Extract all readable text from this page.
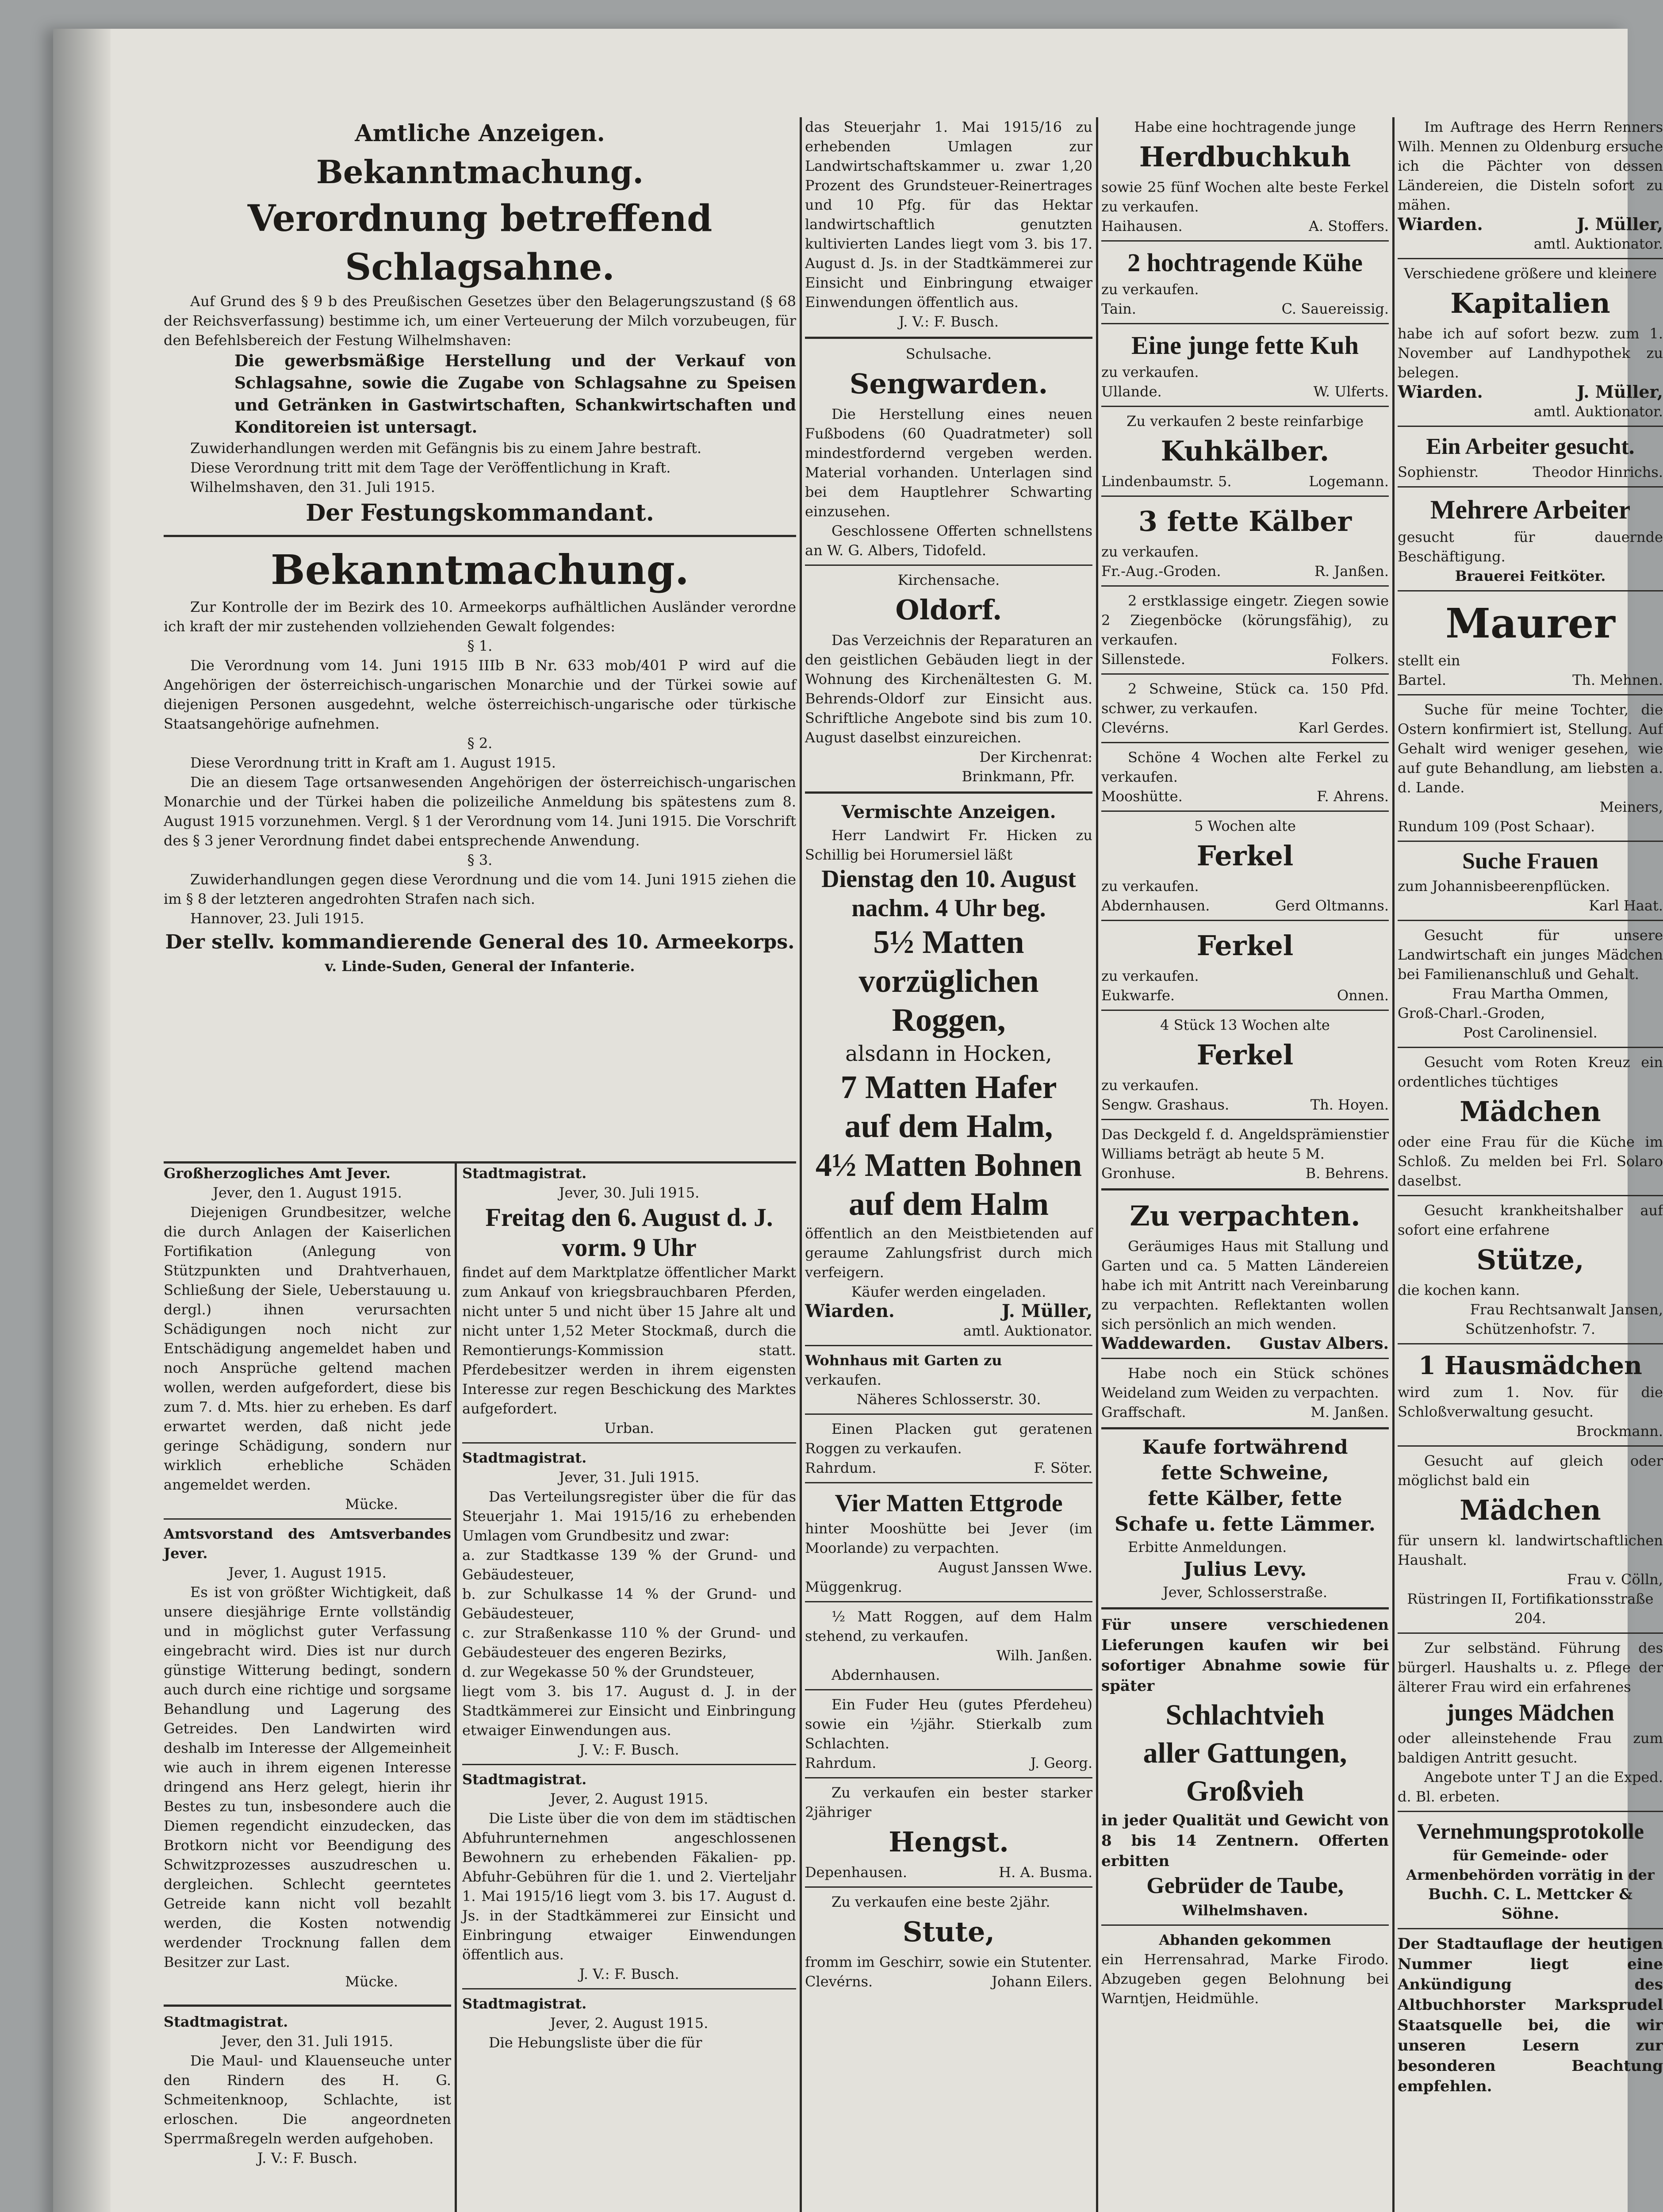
Amtliche Anzeigen.
Bekanntmachung.
Verordnung betreffend Schlagsahne.

Auf Grund des § 9 b des Preußischen Gesetzes über den Belagerungszustand (§ 68 der Reichsverfassung) bestimme ich, um einer Verteuerung der Milch vorzubeugen, für den Befehlsbereich der Festung Wilhelmshaven:

Die gewerbsmäßige Herstellung und der Verkauf von Schlagsahne, sowie die Zugabe von Schlagsahne zu Speisen und Getränken in Gastwirtschaften, Schankwirtschaften und Konditoreien ist untersagt.

Zuwiderhandlungen werden mit Gefängnis bis zu einem Jahre bestraft.

Diese Verordnung tritt mit dem Tage der Veröffentlichung in Kraft.

Wilhelmshaven, den 31. Juli 1915.

Der Festungskommandant.
Bekanntmachung.

Zur Kontrolle der im Bezirk des 10. Armeekorps aufhältlichen Ausländer verordne ich kraft der mir zustehenden vollziehenden Gewalt folgendes:

§ 1.

Die Verordnung vom 14. Juni 1915 IIIb B Nr. 633 mob/401 P wird auf die Angehörigen der österreichisch-ungarischen Monarchie und der Türkei sowie auf diejenigen Personen ausgedehnt, welche österreichisch-ungarische oder türkische Staatsangehörige aufnehmen.

§ 2.

Diese Verordnung tritt in Kraft am 1. August 1915.

Die an diesem Tage ortsanwesenden Angehörigen der österreichisch-ungarischen Monarchie und der Türkei haben die polizeiliche Anmeldung bis spätestens zum 8. August 1915 vorzunehmen. Vergl. § 1 der Verordnung vom 14. Juni 1915. Die Vorschrift des § 3 jener Verordnung findet dabei entsprechende Anwendung.

§ 3.

Zuwiderhandlungen gegen diese Verordnung und die vom 14. Juni 1915 ziehen die im § 8 der letzteren angedrohten Strafen nach sich.

Hannover, 23. Juli 1915.

Der stellv. kommandierende General des 10. Armeekorps.
v. Linde-Suden, General der Infanterie.
Großherzogliches Amt Jever.
Jever, den 1. August 1915.

Diejenigen Grundbesitzer, welche die durch Anlagen der Kaiserlichen Fortifikation (Anlegung von Stützpunkten und Drahtverhauen, Schließung der Siele, Ueberstauung u. dergl.) ihnen verursachten Schädigungen noch nicht zur Entschädigung angemeldet haben und noch Ansprüche geltend machen wollen, werden aufgefordert, diese bis zum 7. d. Mts. hier zu erheben. Es darf erwartet werden, daß nicht jede geringe Schädigung, sondern nur wirklich erhebliche Schäden angemeldet werden.

Mücke.
Amtsvorstand des Amtsverbandes Jever.
Jever, 1. August 1915.

Es ist von größter Wichtigkeit, daß unsere diesjährige Ernte vollständig und in möglichst guter Verfassung eingebracht wird. Dies ist nur durch günstige Witterung bedingt, sondern auch durch eine richtige und sorgsame Behandlung und Lagerung des Getreides. Den Landwirten wird deshalb im Interesse der Allgemeinheit wie auch in ihrem eigenen Interesse dringend ans Herz gelegt, hierin ihr Bestes zu tun, insbesondere auch die Diemen regendicht einzudecken, das Brotkorn nicht vor Beendigung des Schwitzprozesses auszudreschen u. dergleichen. Schlecht geerntetes Getreide kann nicht voll bezahlt werden, die Kosten notwendig werdender Trocknung fallen dem Besitzer zur Last.

Mücke.
Stadtmagistrat.
Jever, den 31. Juli 1915.

Die Maul- und Klauenseuche unter den Rindern des H. G. Schmeitenknoop, Schlachte, ist erloschen. Die angeordneten Sperrmaßregeln werden aufgehoben.

J. V.: F. Busch.
Stadtmagistrat.
Jever, 30. Juli 1915.
Freitag den 6. August d. J. vorm. 9 Uhr

findet auf dem Marktplatze öffentlicher Markt zum Ankauf von kriegsbrauchbaren Pferden, nicht unter 5 und nicht über 15 Jahre alt und nicht unter 1,52 Meter Stockmaß, durch die Remontierungs-Kommission statt. Pferdebesitzer werden in ihrem eigensten Interesse zur regen Beschickung des Marktes aufgefordert.

Urban.
Stadtmagistrat.
Jever, 31. Juli 1915.

Das Verteilungsregister über die für das Steuerjahr 1. Mai 1915/16 zu erhebenden Umlagen vom Grundbesitz und zwar:

a. zur Stadtkasse 139 % der Grund- und Gebäudesteuer,

b. zur Schulkasse 14 % der Grund- und Gebäudesteuer,

c. zur Straßenkasse 110 % der Grund- und Gebäudesteuer des engeren Bezirks,

d. zur Wegekasse 50 % der Grundsteuer,

liegt vom 3. bis 17. August d. J. in der Stadtkämmerei zur Einsicht und Einbringung etwaiger Einwendungen aus.

J. V.: F. Busch.
Stadtmagistrat.
Jever, 2. August 1915.

Die Liste über die von dem im städtischen Abfuhrunternehmen angeschlossenen Bewohnern zu erhebenden Fäkalien- pp. Abfuhr-Gebühren für die 1. und 2. Vierteljahr 1. Mai 1915/16 liegt vom 3. bis 17. August d. Js. in der Stadtkämmerei zur Einsicht und Einbringung etwaiger Einwendungen öffentlich aus.

J. V.: F. Busch.
Stadtmagistrat.
Jever, 2. August 1915.

Die Hebungsliste über die für

das Steuerjahr 1. Mai 1915/16 zu erhebenden Umlagen zur Landwirtschaftskammer u. zwar 1,20 Prozent des Grundsteuer-Reinertrages und 10 Pfg. für das Hektar landwirtschaftlich genutzten kultivierten Landes liegt vom 3. bis 17. August d. Js. in der Stadtkämmerei zur Einsicht und Einbringung etwaiger Einwendungen öffentlich aus.

J. V.: F. Busch.
Schulsache.
Sengwarden.

Die Herstellung eines neuen Fußbodens (60 Quadratmeter) soll mindestfordernd vergeben werden. Material vorhanden. Unterlagen sind bei dem Hauptlehrer Schwarting einzusehen.

Geschlossene Offerten schnellstens an W. G. Albers, Tidofeld.

Kirchensache.
Oldorf.

Das Verzeichnis der Reparaturen an den geistlichen Gebäuden liegt in der Wohnung des Kirchenältesten G. M. Behrends-Oldorf zur Einsicht aus. Schriftliche Angebote sind bis zum 10. August daselbst einzureichen.

Der Kirchenrat:
Brinkmann, Pfr.
Vermischte Anzeigen.

Herr Landwirt Fr. Hicken zu Schillig bei Horumersiel läßt

Dienstag den 10. August nachm. 4 Uhr beg.
5½ Matten vorzüglichen Roggen,
alsdann in Hocken,
7 Matten Hafer
auf dem Halm,
4½ Matten Bohnen
auf dem Halm

öffentlich an den Meistbietenden auf geraume Zahlungsfrist durch mich verfeigern.

Käufer werden eingeladen.
Wiarden.	J. Müller,
amtl. Auktionator.
Wohnhaus mit Garten zu
verkaufen.
Näheres Schlosserstr. 30.

Einen Placken gut geratenen Roggen zu verkaufen.

Rahrdum.	F. Söter.
Vier Matten Ettgrode

hinter Mooshütte bei Jever (im Moorlande) zu verpachten.

August Janssen Wwe.
Müggenkrug.

½ Matt Roggen, auf dem Halm stehend, zu verkaufen.

Wilh. Janßen.
Abdernhausen.

Ein Fuder Heu (gutes Pferdeheu) sowie ein ½jähr. Stierkalb zum Schlachten.

Rahrdum.	J. Georg.

Zu verkaufen ein bester starker 2jähriger

Hengst.
Depenhausen.	H. A. Busma.

Zu verkaufen eine beste 2jähr.

Stute,

fromm im Geschirr, sowie ein Stutenter.

Clevérns.	Johann Eilers.
Habe eine hochtragende junge
Herdbuchkuh

sowie 25 fünf Wochen alte beste Ferkel zu verkaufen.

Haihausen.	A. Stoffers.
2 hochtragende Kühe
zu verkaufen.
Tain.	C. Sauereissig.
Eine junge fette Kuh
zu verkaufen.
Ullande.	W. Ulferts.
Zu verkaufen 2 beste reinfarbige
Kuhkälber.
Lindenbaumstr. 5.	Logemann.
3 fette Kälber
zu verkaufen.
Fr.-Aug.-Groden.	R. Janßen.

2 erstklassige eingetr. Ziegen sowie 2 Ziegenböcke (körungsfähig), zu verkaufen.

Sillenstede.	Folkers.

2 Schweine, Stück ca. 150 Pfd. schwer, zu verkaufen.

Clevérns.	Karl Gerdes.

Schöne 4 Wochen alte Ferkel zu verkaufen.

Mooshütte.	F. Ahrens.
5 Wochen alte
Ferkel
zu verkaufen.
Abdernhausen.	Gerd Oltmanns.
Ferkel
zu verkaufen.
Eukwarfe.	Onnen.
4 Stück 13 Wochen alte
Ferkel
zu verkaufen.
Sengw. Grashaus.	Th. Hoyen.

Das Deckgeld f. d. Angeldsprämienstier Williams beträgt ab heute 5 M.

Gronhuse.	B. Behrens.
Zu verpachten.

Geräumiges Haus mit Stallung und Garten und ca. 5 Matten Ländereien habe ich mit Antritt nach Vereinbarung zu verpachten. Reflektanten wollen sich persönlich an mich wenden.

Waddewarden. Gustav Albers.

Habe noch ein Stück schönes Weideland zum Weiden zu verpachten.

Graffschaft.	M. Janßen.
Kaufe fortwährend
fette Schweine,
fette Kälber, fette
Schafe u. fette Lämmer.
Erbitte Anmeldungen.
Julius Levy.
Jever, Schlosserstraße.

Für unsere verschiedenen Lieferungen kaufen wir bei sofortiger Abnahme sowie für später

Schlachtvieh
aller Gattungen,
Großvieh

in jeder Qualität und Gewicht von 8 bis 14 Zentnern. Offerten erbitten

Gebrüder de Taube,
Wilhelmshaven.
Abhanden gekommen

ein Herrensahrad, Marke Firodo. Abzugeben gegen Belohnung bei Warntjen, Heidmühle.

Im Auftrage des Herrn Renners Wilh. Mennen zu Oldenburg ersuche ich die Pächter von dessen Ländereien, die Disteln sofort zu mähen.

Wiarden.	J. Müller,
amtl. Auktionator.
Verschiedene größere und kleinere
Kapitalien

habe ich auf sofort bezw. zum 1. November auf Landhypothek zu belegen.

Wiarden.	J. Müller,
amtl. Auktionator.
Ein Arbeiter gesucht.
Sophienstr.	Theodor Hinrichs.
Mehrere Arbeiter
gesucht für dauernde Beschäftigung.
Brauerei Feitköter.
Maurer
stellt ein
Bartel.	Th. Mehnen.

Suche für meine Tochter, die Ostern konfirmiert ist, Stellung. Auf Gehalt wird weniger gesehen, wie auf gute Behandlung, am liebsten a. d. Lande.

Meiners,
Rundum 109 (Post Schaar).
Suche Frauen
zum Johannisbeerenpflücken.
Karl Haat.

Gesucht für unsere Landwirtschaft ein junges Mädchen bei Familienanschluß und Gehalt.

Frau Martha Ommen,
Groß-Charl.-Groden,
Post Carolinensiel.

Gesucht vom Roten Kreuz ein ordentliches tüchtiges

Mädchen

oder eine Frau für die Küche im Schloß. Zu melden bei Frl. Solaro daselbst.

Gesucht krankheitshalber auf sofort eine erfahrene

Stütze,
die kochen kann.
Frau Rechtsanwalt Jansen,
Schützenhofstr. 7.
1 Hausmädchen

wird zum 1. Nov. für die Schloßverwaltung gesucht.

Brockmann.

Gesucht auf gleich oder möglichst bald ein

Mädchen

für unsern kl. landwirtschaftlichen Haushalt.

Frau v. Cölln,
Rüstringen II, Fortifikationsstraße 204.

Zur selbständ. Führung des bürgerl. Haushalts u. z. Pflege der älterer Frau wird ein erfahrenes

junges Mädchen

oder alleinstehende Frau zum baldigen Antritt gesucht.

Angebote unter T J an die Exped. d. Bl. erbeten.

Vernehmungsprotokolle

für Gemeinde- oder Armenbehörden vorrätig in der

Buchh. C. L. Mettcker & Söhne.

Der Stadtauflage der heutigen Nummer liegt eine Ankündigung des Altbuchhorster Marksprudel Staatsquelle bei, die wir unseren Lesern zur besonderen Beachtung empfehlen.
